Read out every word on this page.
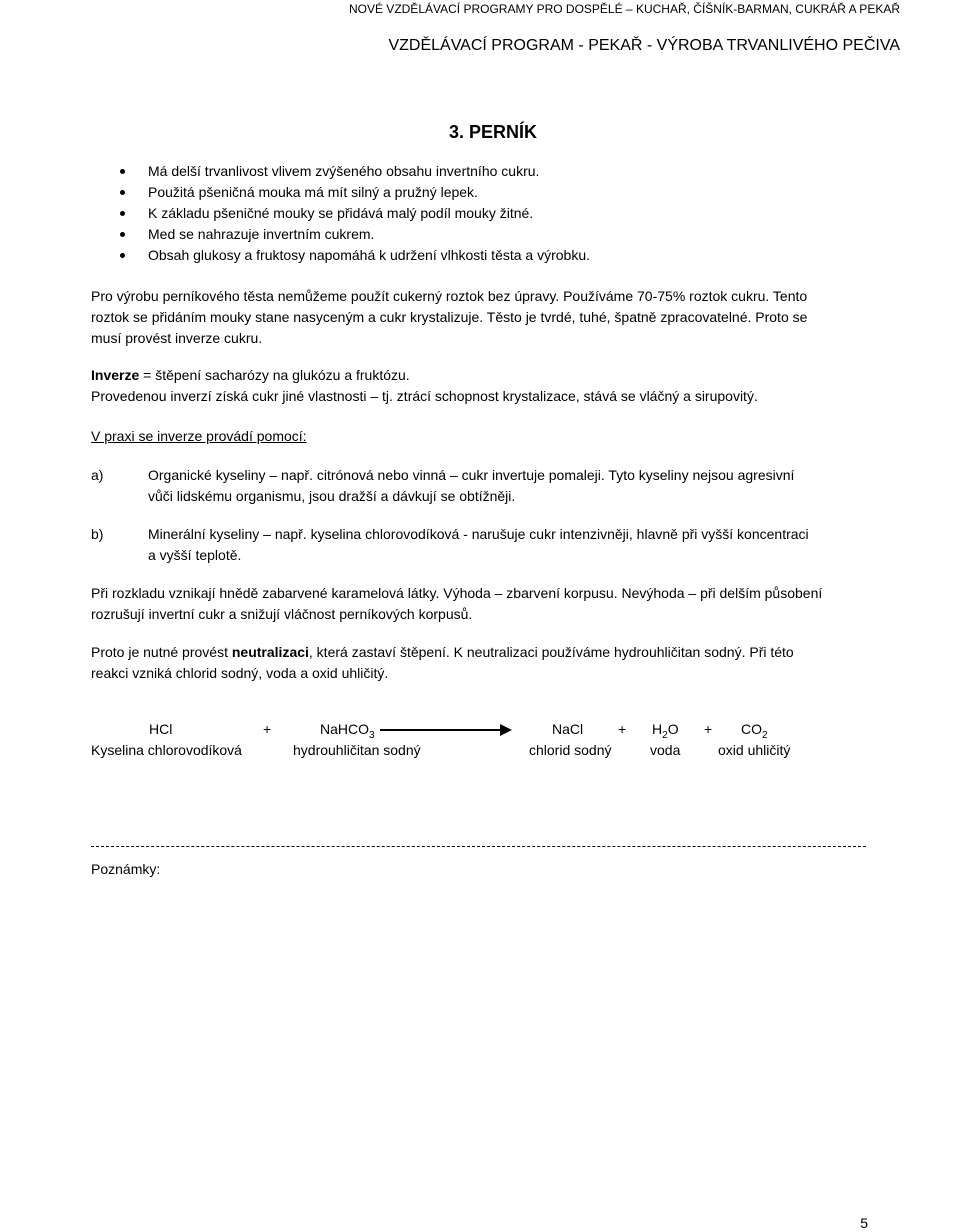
NOVÉ VZDĚLÁVACÍ PROGRAMY PRO DOSPĚLÉ – KUCHAŘ, ČÍŠNÍK-BARMAN, CUKRÁŘ A PEKAŘ
VZDĚLÁVACÍ PROGRAM - PEKAŘ - VÝROBA TRVANLIVÉHO PEČIVA
3. PERNÍK
Má delší trvanlivost vlivem zvýšeného obsahu invertního cukru.
Použitá pšeničná mouka má mít silný a pružný lepek.
K základu pšeničné mouky se přidává malý podíl mouky žitné.
Med se nahrazuje invertním cukrem.
Obsah glukosy a fruktosy napomáhá k udržení vlhkosti těsta a výrobku.
Pro výrobu perníkového těsta nemůžeme použít cukerný roztok bez úpravy. Používáme 70-75% roztok cukru. Tento
roztok se přidáním mouky stane nasyceným a cukr krystalizuje. Těsto je tvrdé, tuhé, špatně zpracovatelné. Proto se
musí provést inverze cukru.
Inverze = štěpení sacharózy na glukózu a fruktózu.
Provedenou inverzí získá cukr jiné vlastnosti – tj. ztrácí schopnost krystalizace, stává se vláčný a sirupovitý.
V praxi se inverze provádí pomocí:
a)	Organické kyseliny – např. citrónová nebo vinná – cukr invertuje pomaleji. Tyto kyseliny nejsou agresivní
vůči lidskému organismu, jsou dražší a dávkují se obtížněji.
b)	Minerální kyseliny – např. kyselina chlorovodíková - narušuje cukr intenzivněji, hlavně při vyšší koncentraci
a vyšší teplotě.
Při rozkladu vznikají hnědě zabarvené karamelová látky. Výhoda – zbarvení korpusu. Nevýhoda – při delším působení
rozrušují invertní cukr a snižují vláčnost perníkových korpusů.
Proto je nutné provést neutralizaci, která zastaví štěpení. K neutralizaci používáme hydrouhličitan sodný. Při této
reakci vzniká chlorid sodný, voda a oxid uhličitý.
HCl	+	NaHCO$_3$	NaCl + $H_2O + CO_2$
Kyselina chlorovodíková	hydrouhličitan sodný	chlorid sodný	voda	oxid uhličitý
Poznámky:
5
